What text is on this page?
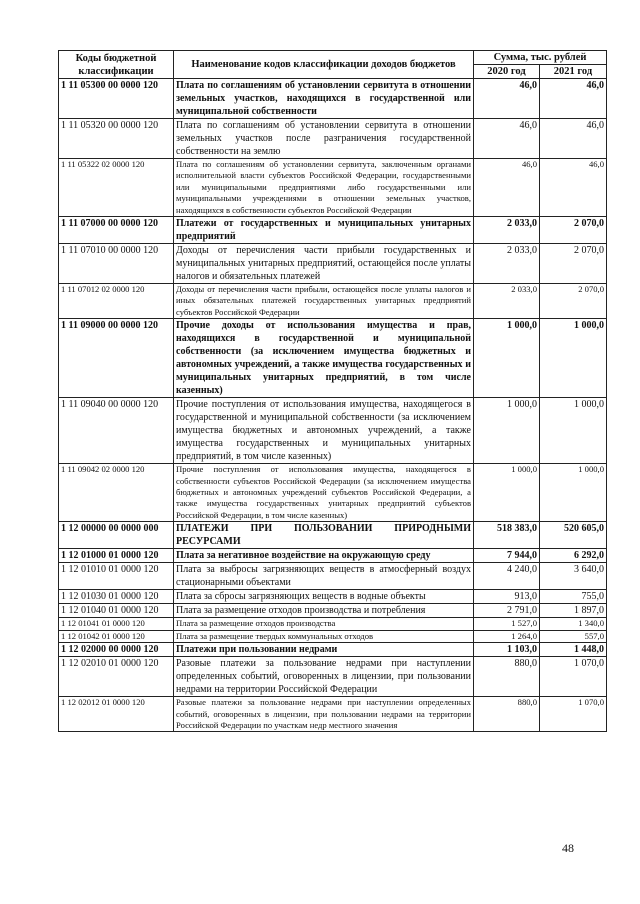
Коды бюджетной классификации	Наименование кодов классификации доходов бюджетов	Сумма, тыс. рублей	
		2020 год	2021 год
1 11 05300 00 0000 120	Плата по соглашениям об установлении сервитута в отношении земельных участков, находящихся в государственной или муниципальной собственности	46,0	46,0
1 11 05320 00 0000 120	Плата по соглашениям об установлении сервитута в отношении земельных участков после разграничения государственной собственности на землю	46,0	46,0
1 11 05322 02 0000 120	Плата по соглашениям об установлении сервитута, заключенным органами исполнительной власти субъектов Российской Федерации, государственными или муниципальными предприятиями либо государственными или муниципальными учреждениями в отношении земельных участков, находящихся в собственности субъектов Российской Федерации	46,0	46,0
1 11 07000 00 0000 120	Платежи от государственных и муниципальных унитарных предприятий	2 033,0	2 070,0
1 11 07010 00 0000 120	Доходы от перечисления части прибыли государственных и муниципальных унитарных предприятий, остающейся после уплаты налогов и обязательных платежей	2 033,0	2 070,0
1 11 07012 02 0000 120	Доходы от перечисления части прибыли, остающейся после уплаты налогов и иных обязательных платежей государственных унитарных предприятий субъектов Российской Федерации	2 033,0	2 070,0
1 11 09000 00 0000 120	Прочие доходы от использования имущества и прав, находящихся в государственной и муниципальной собственности (за исключением имущества бюджетных и автономных учреждений, а также имущества государственных и муниципальных унитарных предприятий, в том числе казенных)	1 000,0	1 000,0
1 11 09040 00 0000 120	Прочие поступления от использования имущества, находящегося в государственной и муниципальной собственности (за исключением имущества бюджетных и автономных учреждений, а также имущества государственных и муниципальных унитарных предприятий, в том числе казенных)	1 000,0	1 000,0
1 11 09042 02 0000 120	Прочие поступления от использования имущества, находящегося в собственности субъектов Российской Федерации (за исключением имущества бюджетных и автономных учреждений субъектов Российской Федерации, а также имущества государственных унитарных предприятий субъектов Российской Федерации, в том числе казенных)	1 000,0	1 000,0
1 12 00000 00 0000 000	ПЛАТЕЖИ ПРИ ПОЛЬЗОВАНИИ ПРИРОДНЫМИ РЕСУРСАМИ	518 383,0	520 605,0
1 12 01000 01 0000 120	Плата за негативное воздействие на окружающую среду	7 944,0	6 292,0
1 12 01010 01 0000 120	Плата за выбросы загрязняющих веществ в атмосферный воздух стационарными объектами	4 240,0	3 640,0
1 12 01030 01 0000 120	Плата за сбросы загрязняющих веществ в водные объекты	913,0	755,0
1 12 01040 01 0000 120	Плата за размещение отходов производства и потребления	2 791,0	1 897,0
1 12 01041 01 0000 120	Плата за размещение отходов производства	1 527,0	1 340,0
1 12 01042 01 0000 120	Плата за размещение твердых коммунальных отходов	1 264,0	557,0
1 12 02000 00 0000 120	Платежи при пользовании недрами	1 103,0	1 448,0
1 12 02010 01 0000 120	Разовые платежи за пользование недрами при наступлении определенных событий, оговоренных в лицензии, при пользовании недрами на территории Российской Федерации	880,0	1 070,0
1 12 02012 01 0000 120	Разовые платежи за пользование недрами при наступлении определенных событий, оговоренных в лицензии, при пользовании недрами на территории Российской Федерации по участкам недр местного значения	880,0	1 070,0
48
